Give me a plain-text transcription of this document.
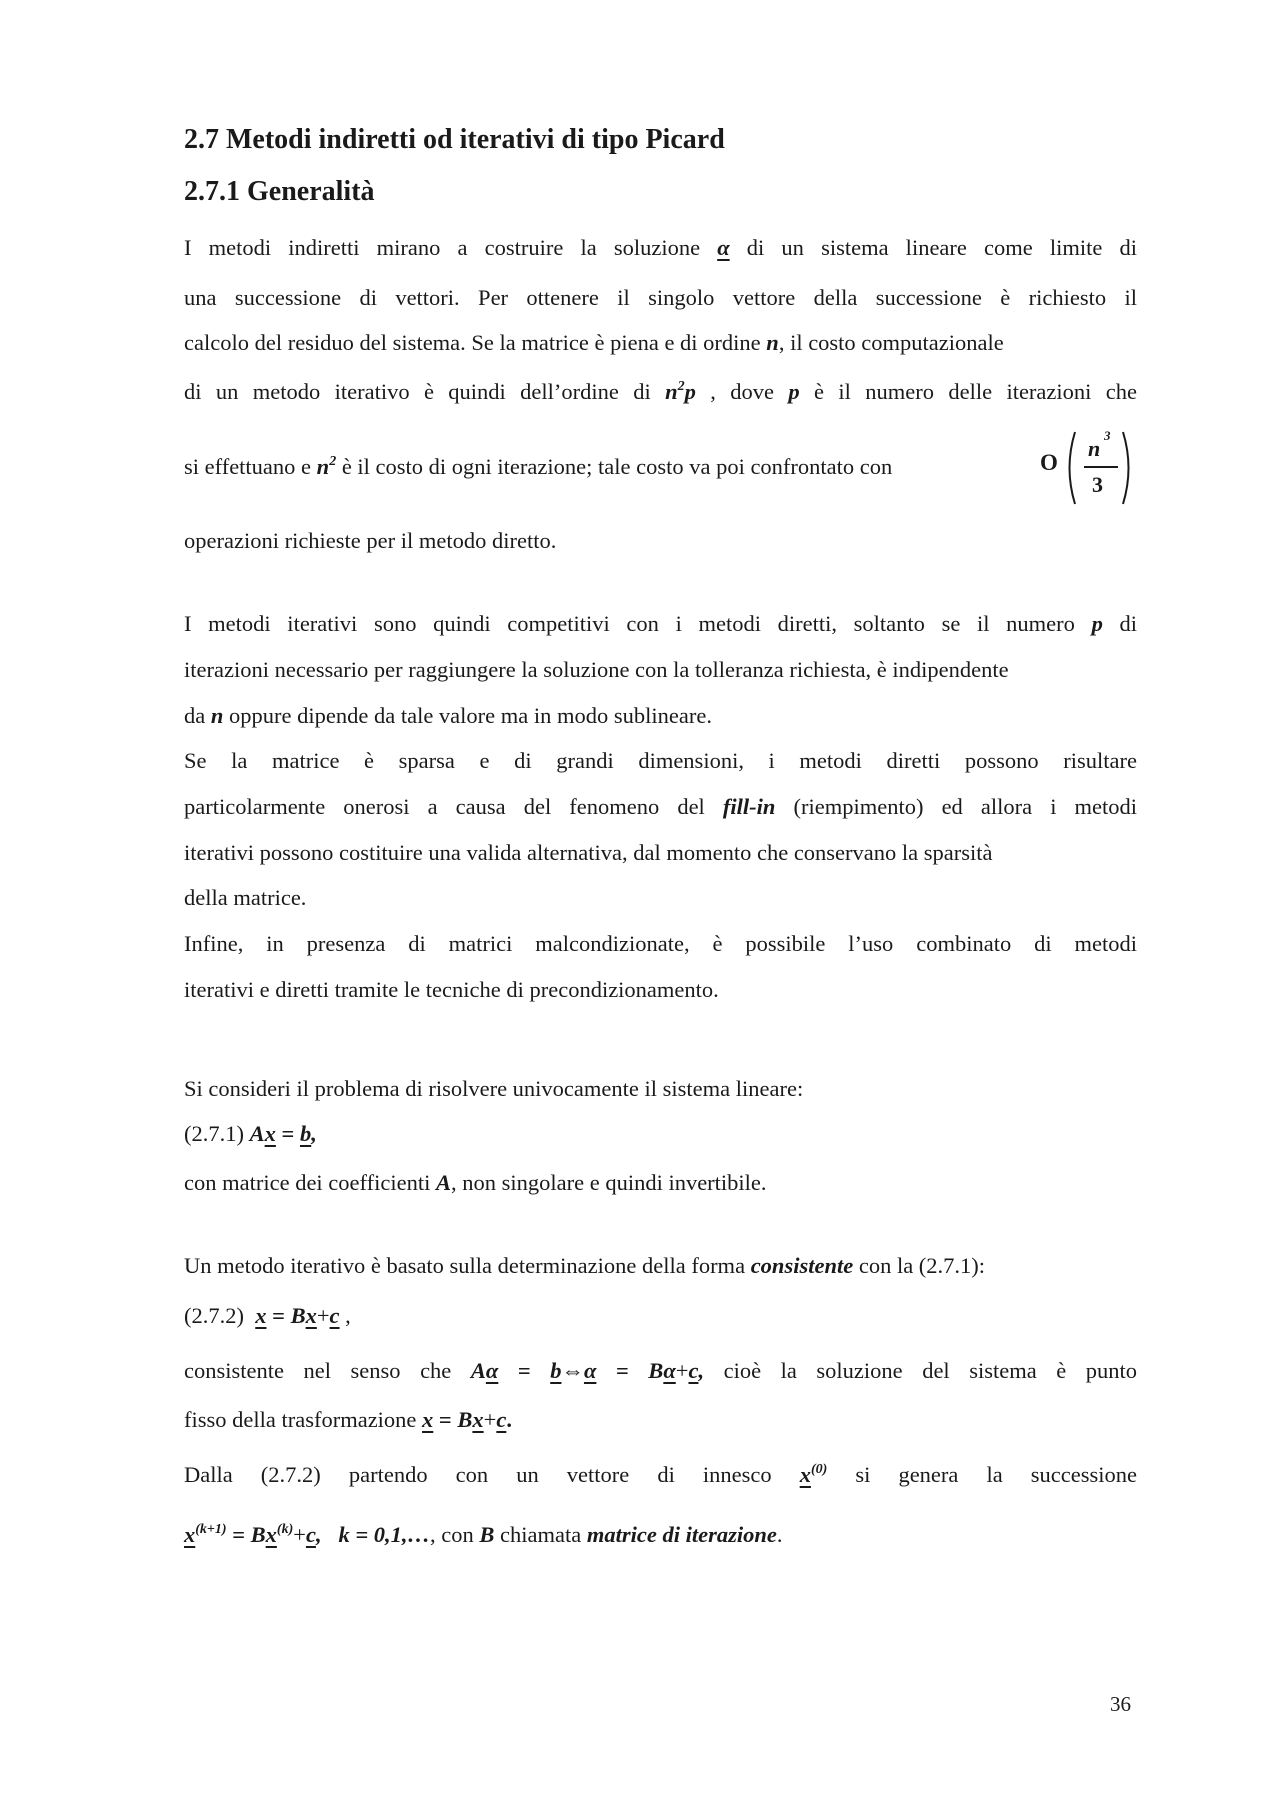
2.7 Metodi indiretti od iterativi di tipo Picard
2.7.1 Generalità
I metodi indiretti mirano a costruire la soluzione α di un sistema lineare come limite di
una successione di vettori. Per ottenere il singolo vettore della successione è richiesto il
calcolo del residuo del sistema. Se la matrice è piena e di ordine n, il costo computazionale
di un metodo iterativo è quindi dell’ordine di $n^2p$ , dove p è il numero delle iterazioni che
si effettuano e $n^2$ è il costo di ogni iterazione; tale costo va poi confrontato con	O
n
3
3
operazioni richieste per il metodo diretto.
I metodi iterativi sono quindi competitivi con i metodi diretti, soltanto se il numero p di
iterazioni necessario per raggiungere la soluzione con la tolleranza richiesta, è indipendente
da n oppure dipende da tale valore ma in modo sublineare.
Se la matrice è sparsa e di grandi dimensioni, i metodi diretti possono risultare
particolarmente onerosi a causa del fenomeno del fill-in (riempimento) ed allora i metodi
iterativi possono costituire una valida alternativa, dal momento che conservano la sparsità
della matrice.
Infine, in presenza di matrici malcondizionate, è possibile l’uso combinato di metodi
iterativi e diretti tramite le tecniche di precondizionamento.
Si consideri il problema di risolvere univocamente il sistema lineare:
(2.7.1) Ax = b,
con matrice dei coefficienti A, non singolare e quindi invertibile.
Un metodo iterativo è basato sulla determinazione della forma consistente con la (2.7.1):
(2.7.2) x = Bx+c ,
consistente nel senso che Aα = b⇔α = Bα+c, cioè la soluzione del sistema è punto
fisso della trasformazione x = Bx+c.
Dalla (2.7.2) partendo con un vettore di innesco $x^{(0)}$ si genera la successione
$x^{(k+1)} = Bx^{(k)}+c$, k = 0,1,…, con B chiamata matrice di iterazione.
36
